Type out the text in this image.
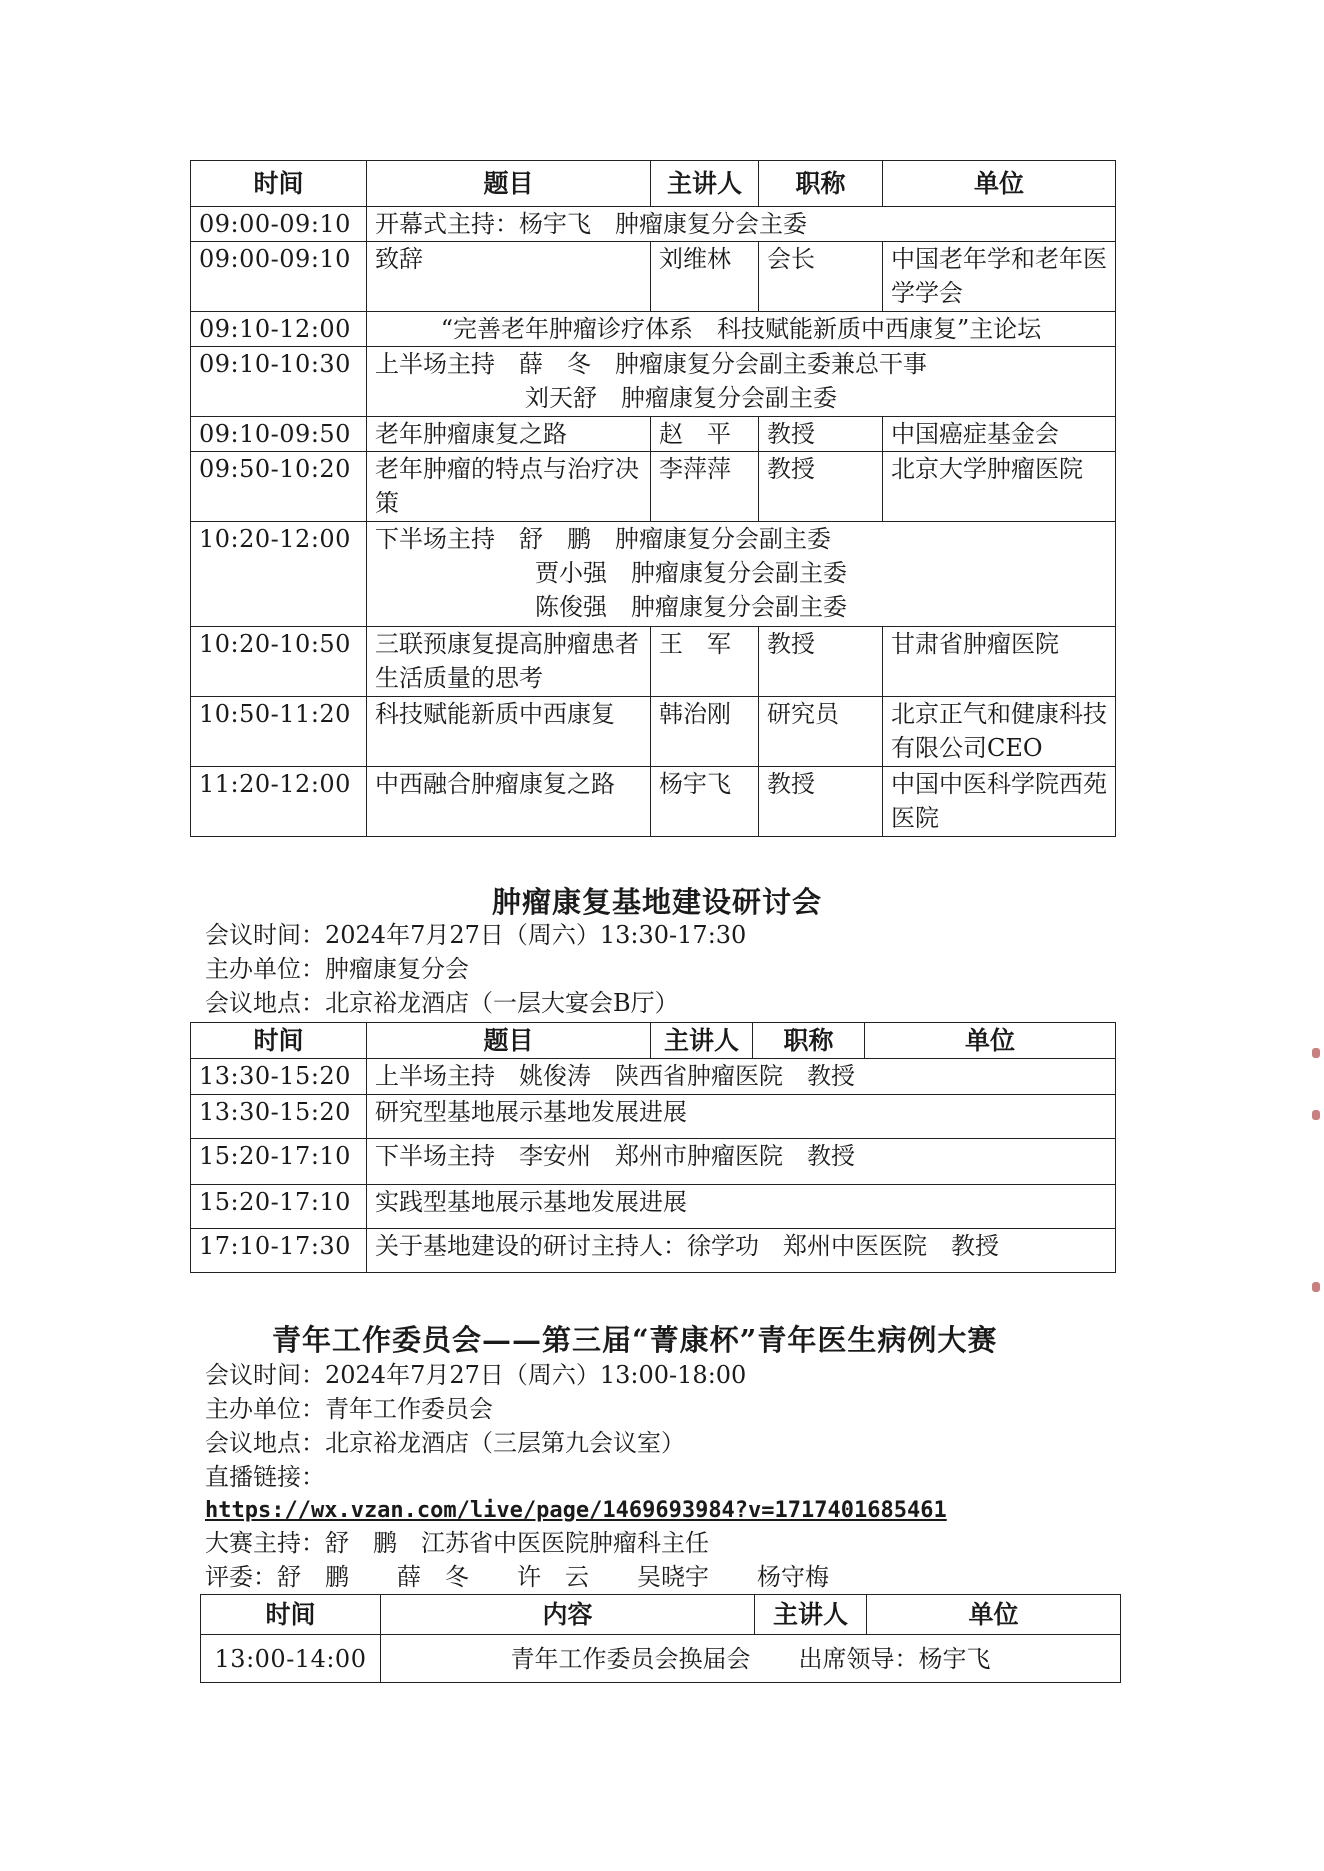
时间	题目	主讲人	职称	单位
09:00-09:10	开幕式主持：杨宇飞　肿瘤康复分会主委			
09:00-09:10	致辞	刘维林	会长	中国老年学和老年医学学会
09:10-12:00	“完善老年肿瘤诊疗体系　科技赋能新质中西康复”主论坛			
09:10-10:30	上半场主持　薛　冬　肿瘤康复分会副主委兼总干事
刘天舒　肿瘤康复分会副主委			

09:10-09:50	老年肿瘤康复之路	赵　平	教授	中国癌症基金会
09:50-10:20	老年肿瘤的特点与治疗决策	李萍萍	教授	北京大学肿瘤医院
10:20-12:00	下半场主持　舒　鹏　肿瘤康复分会副主委
贾小强　肿瘤康复分会副主委
陈俊强　肿瘤康复分会副主委			

10:20-10:50	三联预康复提高肿瘤患者生活质量的思考	王　军	教授	甘肃省肿瘤医院
10:50-11:20	科技赋能新质中西康复	韩治刚	研究员	北京正气和健康科技有限公司CEO
11:20-12:00	中西融合肿瘤康复之路	杨宇飞	教授	中国中医科学院西苑医院
肿瘤康复基地建设研讨会
会议时间：2024年7月27日（周六）13:30-17:30
主办单位：肿瘤康复分会
会议地点：北京裕龙酒店（一层大宴会B厅）
时间	题目	主讲人	职称	单位
13:30-15:20	上半场主持　姚俊涛　陕西省肿瘤医院　教授			
13:30-15:20	研究型基地展示基地发展进展			
15:20-17:10	下半场主持　李安州　郑州市肿瘤医院　教授			
15:20-17:10	实践型基地展示基地发展进展			
17:10-17:30	关于基地建设的研讨主持人：徐学功　郑州中医医院　教授			
青年工作委员会——第三届“菁康杯”青年医生病例大赛
会议时间：2024年7月27日（周六）13:00-18:00
主办单位：青年工作委员会
会议地点：北京裕龙酒店（三层第九会议室）
直播链接：
https://wx.vzan.com/live/page/1469693984?v=1717401685461
大赛主持：舒　鹏　江苏省中医医院肿瘤科主任
评委：舒　鹏　　薛　冬　　许　云　　吴晓宇　　杨守梅
时间	内容	主讲人	单位
13:00-14:00	青年工作委员会换届会　　出席领导：杨宇飞		
